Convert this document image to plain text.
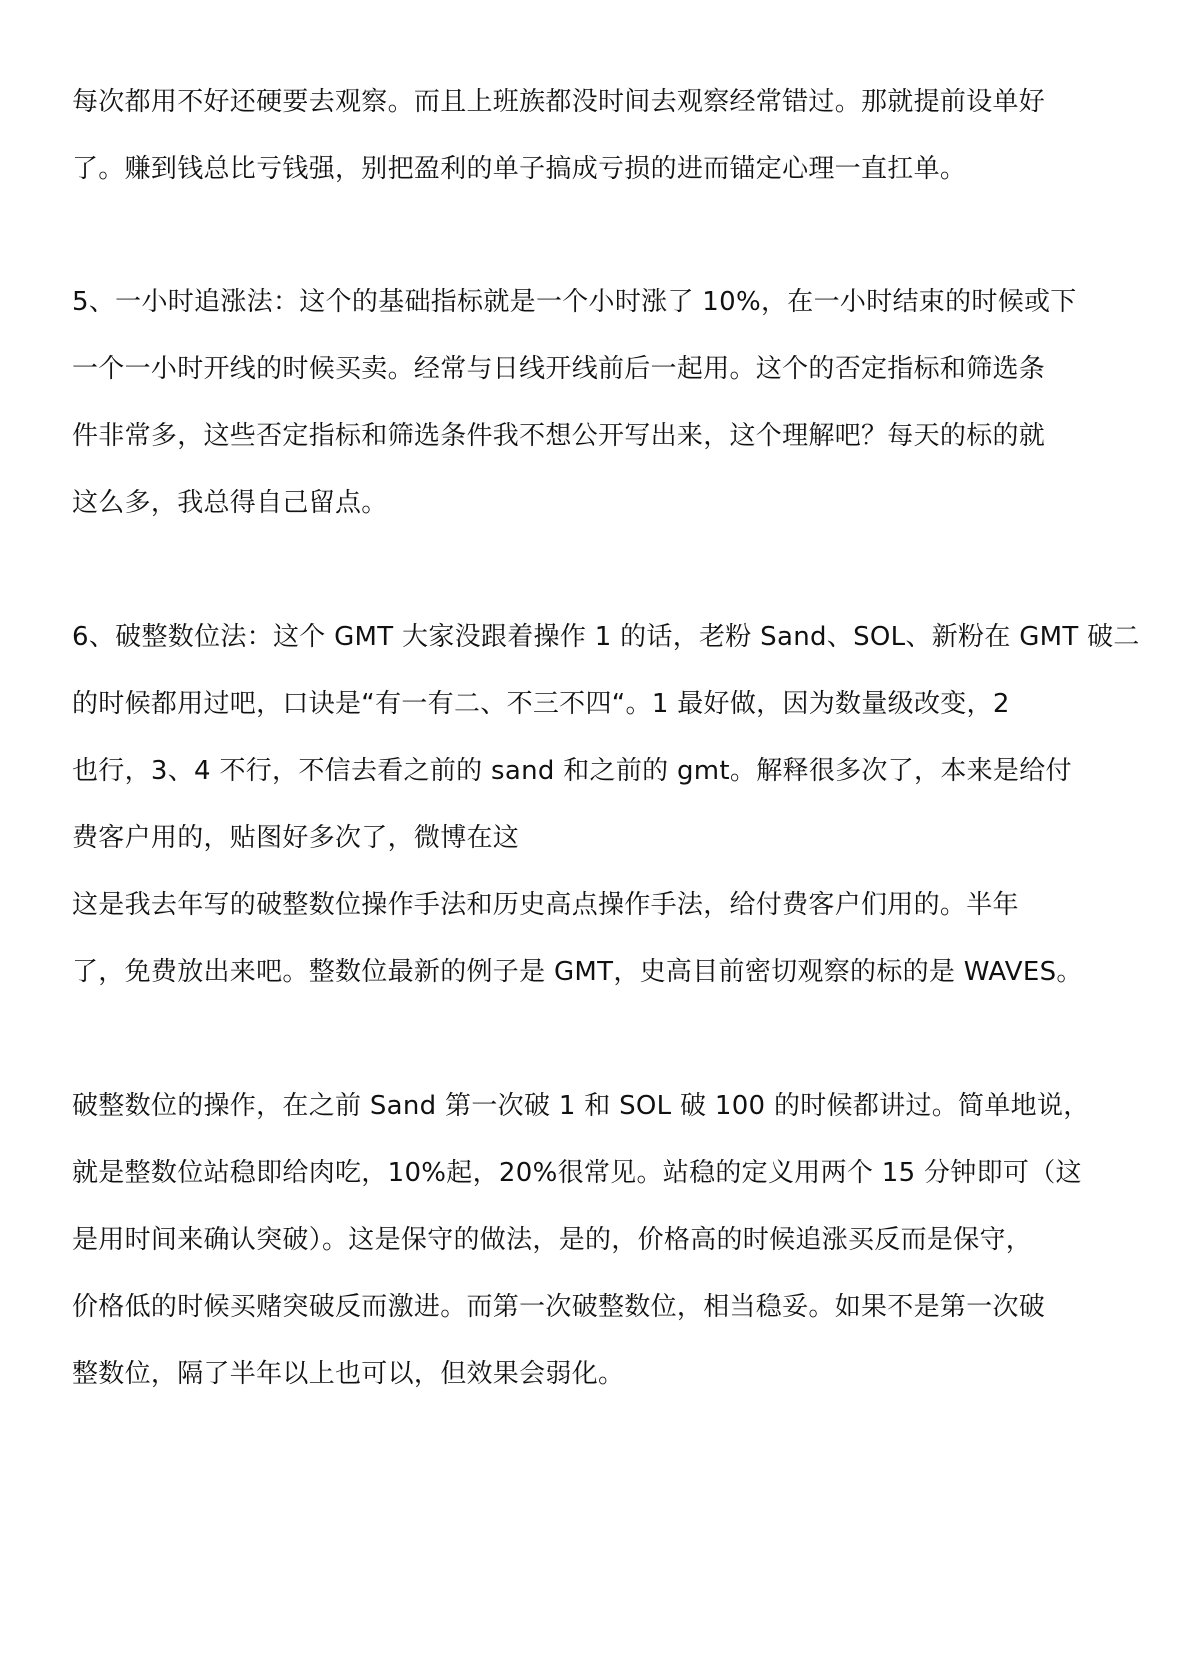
每次都用不好还硬要去观察。而且上班族都没时间去观察经常错过。那就提前设单好
了。赚到钱总比亏钱强，别把盈利的单子搞成亏损的进而锚定心理一直扛单。
5、一小时追涨法：这个的基础指标就是一个小时涨了 10%，在一小时结束的时候或下
一个一小时开线的时候买卖。经常与日线开线前后一起用。这个的否定指标和筛选条
件非常多，这些否定指标和筛选条件我不想公开写出来，这个理解吧？每天的标的就
这么多，我总得自己留点。
6、破整数位法：这个 GMT 大家没跟着操作 1 的话，老粉 Sand、SOL、新粉在 GMT 破二
的时候都用过吧，口诀是“有一有二、不三不四“。1 最好做，因为数量级改变，2
也行，3、4 不行，不信去看之前的 sand 和之前的 gmt。解释很多次了，本来是给付
费客户用的，贴图好多次了，微博在这
这是我去年写的破整数位操作手法和历史高点操作手法，给付费客户们用的。半年
了，免费放出来吧。整数位最新的例子是 GMT，史高目前密切观察的标的是 WAVES。
破整数位的操作，在之前 Sand 第一次破 1 和 SOL 破 100 的时候都讲过。简单地说，
就是整数位站稳即给肉吃，10%起，20%很常见。站稳的定义用两个 15 分钟即可（这
是用时间来确认突破）。这是保守的做法，是的，价格高的时候追涨买反而是保守，
价格低的时候买赌突破反而激进。而第一次破整数位，相当稳妥。如果不是第一次破
整数位，隔了半年以上也可以，但效果会弱化。
